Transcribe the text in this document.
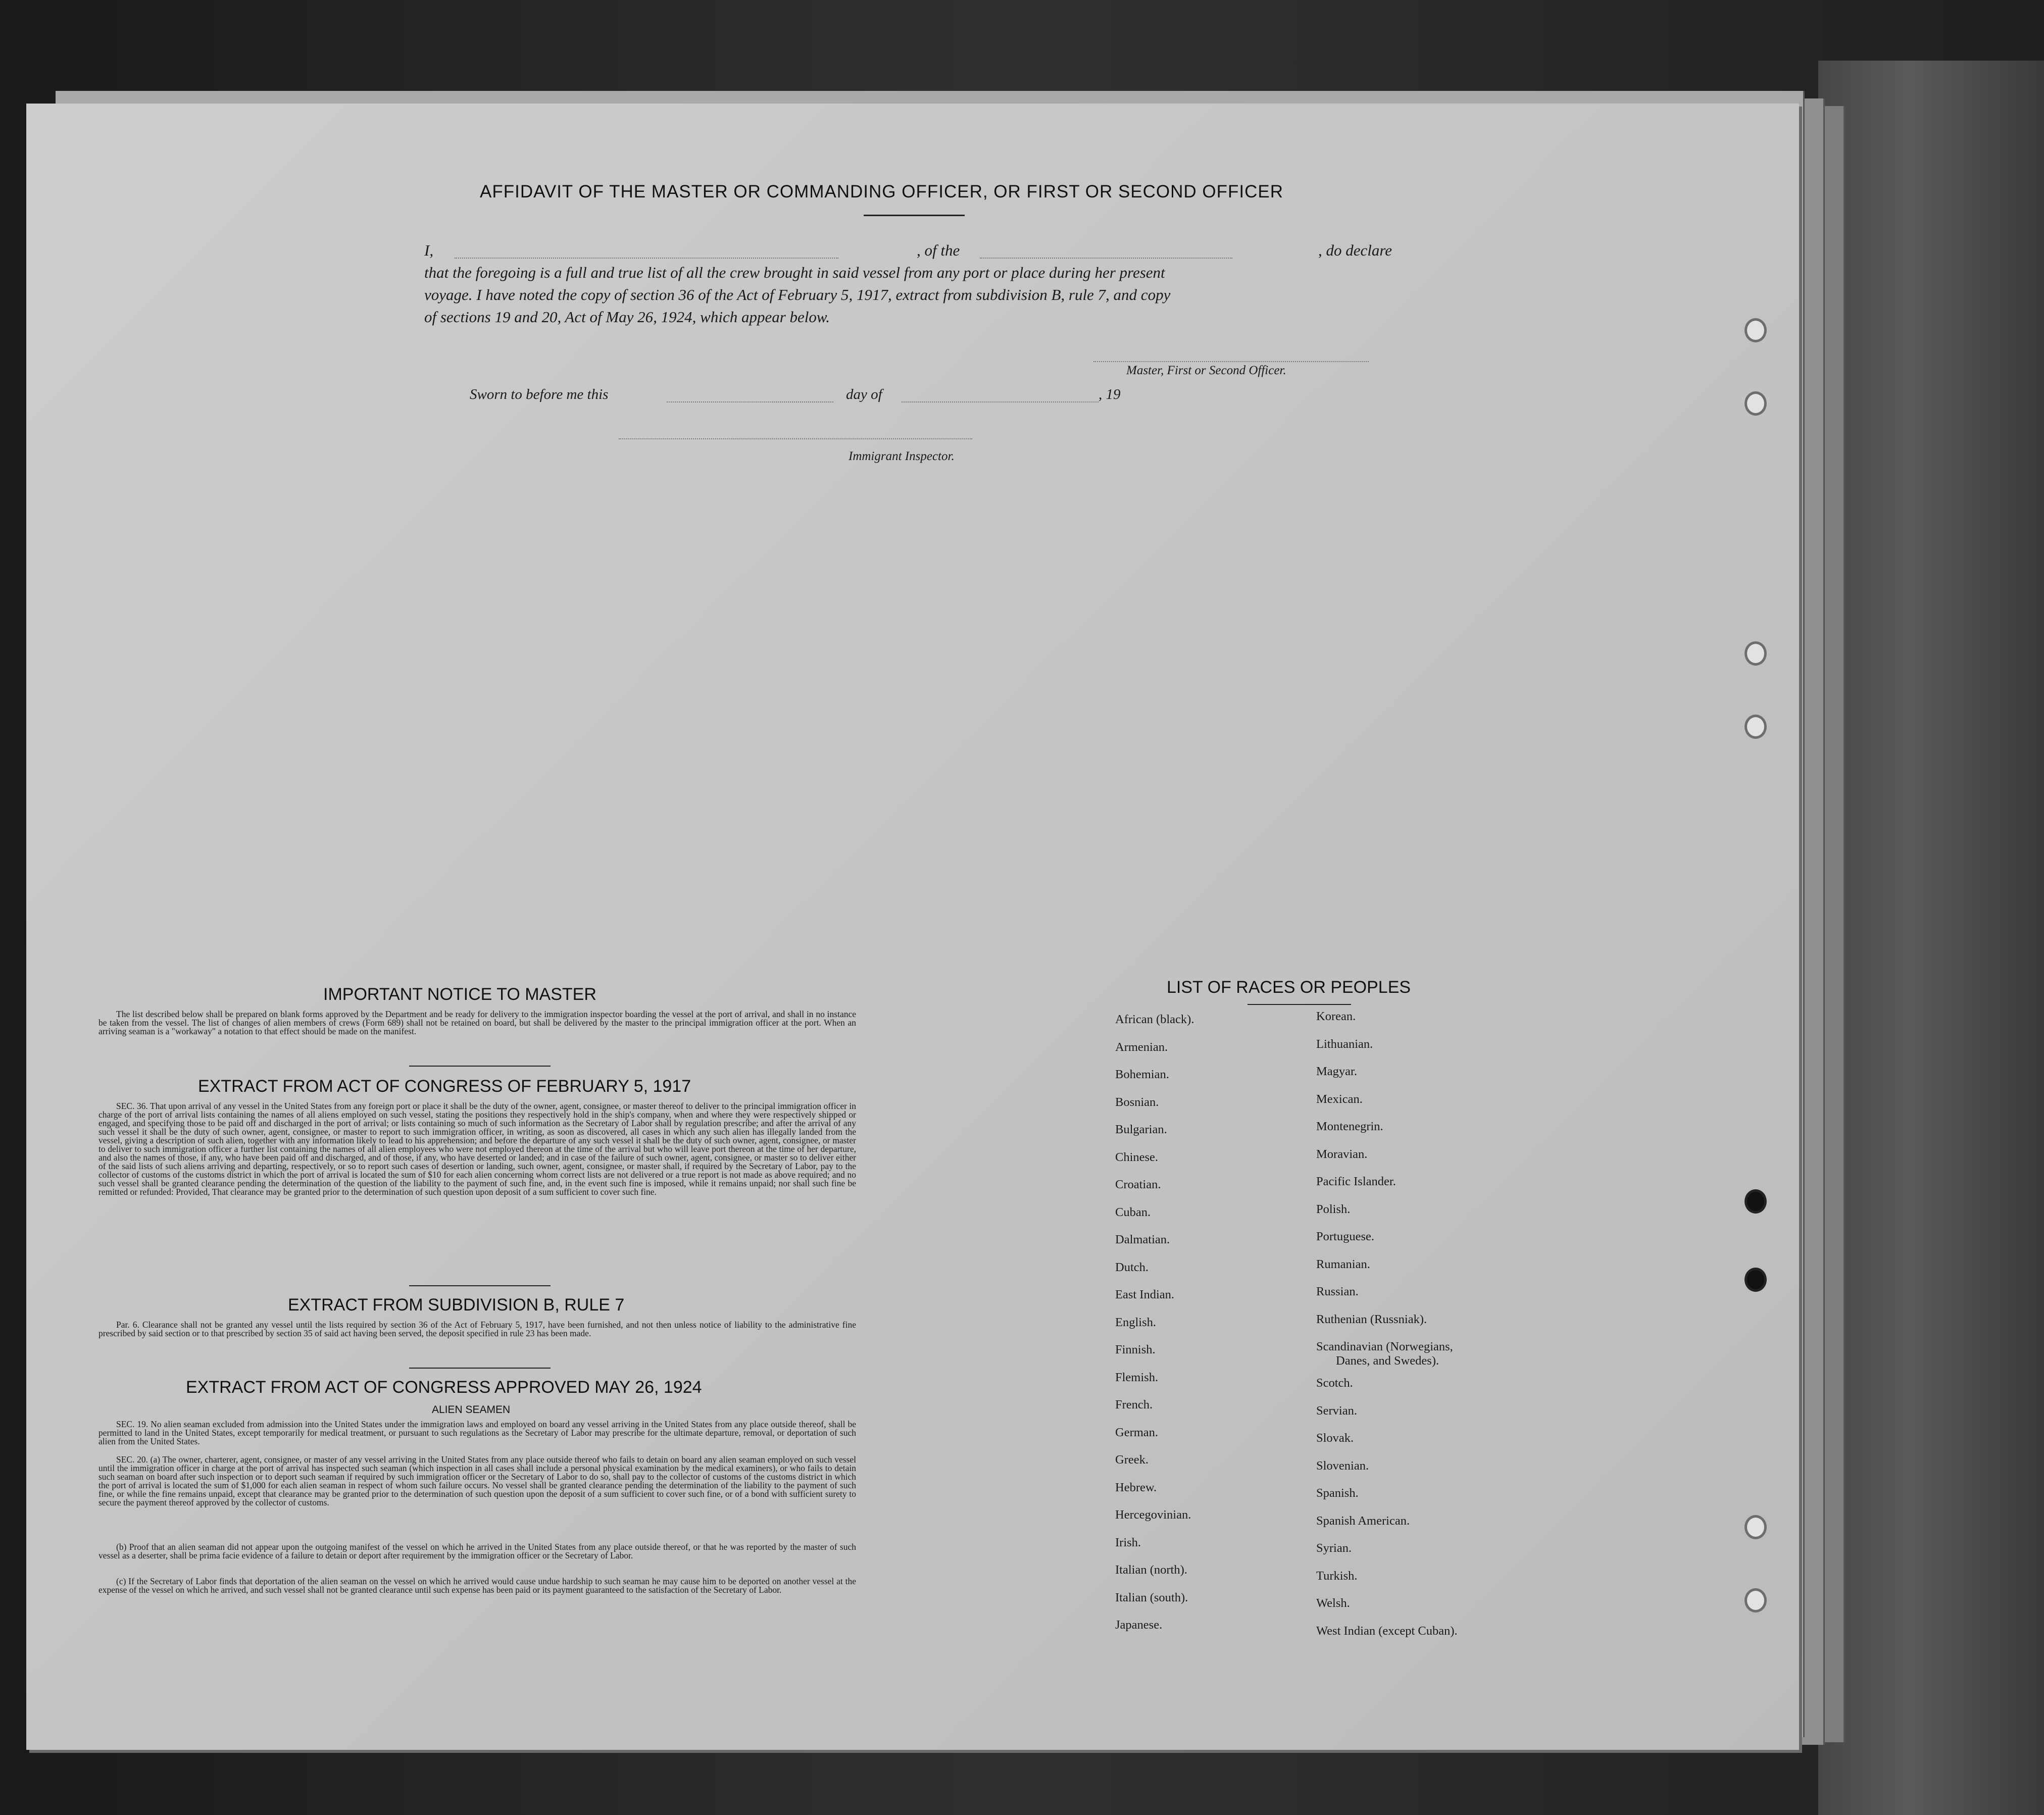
AFFIDAVIT OF THE MASTER OR COMMANDING OFFICER, OR FIRST OR SECOND OFFICER
I,	, of the	, do declare
that the foregoing is a full and true list of all the crew brought in said vessel from any port or place during her present
voyage. I have noted the copy of section 36 of the Act of February 5, 1917, extract from subdivision B, rule 7, and copy
of sections 19 and 20, Act of May 26, 1924, which appear below.
Master, First or Second Officer.
Sworn to before me this	day of	, 19
Immigrant Inspector.
IMPORTANT NOTICE TO MASTER
The list described below shall be prepared on blank forms approved by the Department and be ready for delivery to the immigration inspector boarding the vessel at the port of arrival, and shall in no instance be taken from the vessel. The list of changes of alien members of crews (Form 689) shall not be retained on board, but shall be delivered by the master to the principal immigration officer at the port. When an arriving seaman is a "workaway" a notation to that effect should be made on the manifest.
EXTRACT FROM ACT OF CONGRESS OF FEBRUARY 5, 1917
SEC. 36. That upon arrival of any vessel in the United States from any foreign port or place it shall be the duty of the owner, agent, consignee, or master thereof to deliver to the principal immigration officer in charge of the port of arrival lists containing the names of all aliens employed on such vessel, stating the positions they respectively hold in the ship's company, when and where they were respectively shipped or engaged, and specifying those to be paid off and discharged in the port of arrival; or lists containing so much of such information as the Secretary of Labor shall by regulation prescribe; and after the arrival of any such vessel it shall be the duty of such owner, agent, consignee, or master to report to such immigration officer, in writing, as soon as discovered, all cases in which any such alien has illegally landed from the vessel, giving a description of such alien, together with any information likely to lead to his apprehension; and before the departure of any such vessel it shall be the duty of such owner, agent, consignee, or master to deliver to such immigration officer a further list containing the names of all alien employees who were not employed thereon at the time of the arrival but who will leave port thereon at the time of her departure, and also the names of those, if any, who have been paid off and discharged, and of those, if any, who have deserted or landed; and in case of the failure of such owner, agent, consignee, or master so to deliver either of the said lists of such aliens arriving and departing, respectively, or so to report such cases of desertion or landing, such owner, agent, consignee, or master shall, if required by the Secretary of Labor, pay to the collector of customs of the customs district in which the port of arrival is located the sum of $10 for each alien concerning whom correct lists are not delivered or a true report is not made as above required; and no such vessel shall be granted clearance pending the determination of the question of the liability to the payment of such fine, and, in the event such fine is imposed, while it remains unpaid; nor shall such fine be remitted or refunded: Provided, That clearance may be granted prior to the determination of such question upon deposit of a sum sufficient to cover such fine.
EXTRACT FROM SUBDIVISION B, RULE 7
Par. 6. Clearance shall not be granted any vessel until the lists required by section 36 of the Act of February 5, 1917, have been furnished, and not then unless notice of liability to the administrative fine prescribed by said section or to that prescribed by section 35 of said act having been served, the deposit specified in rule 23 has been made.
EXTRACT FROM ACT OF CONGRESS APPROVED MAY 26, 1924
ALIEN SEAMEN
SEC. 19. No alien seaman excluded from admission into the United States under the immigration laws and employed on board any vessel arriving in the United States from any place outside thereof, shall be permitted to land in the United States, except temporarily for medical treatment, or pursuant to such regulations as the Secretary of Labor may prescribe for the ultimate departure, removal, or deportation of such alien from the United States.
SEC. 20. (a) The owner, charterer, agent, consignee, or master of any vessel arriving in the United States from any place outside thereof who fails to detain on board any alien seaman employed on such vessel until the immigration officer in charge at the port of arrival has inspected such seaman (which inspection in all cases shall include a personal physical examination by the medical examiners), or who fails to detain such seaman on board after such inspection or to deport such seaman if required by such immigration officer or the Secretary of Labor to do so, shall pay to the collector of customs of the customs district in which the port of arrival is located the sum of $1,000 for each alien seaman in respect of whom such failure occurs. No vessel shall be granted clearance pending the determination of the liability to the payment of such fine, or while the fine remains unpaid, except that clearance may be granted prior to the determination of such question upon the deposit of a sum sufficient to cover such fine, or of a bond with sufficient surety to secure the payment thereof approved by the collector of customs.
(b) Proof that an alien seaman did not appear upon the outgoing manifest of the vessel on which he arrived in the United States from any place outside thereof, or that he was reported by the master of such vessel as a deserter, shall be prima facie evidence of a failure to detain or deport after requirement by the immigration officer or the Secretary of Labor.
(c) If the Secretary of Labor finds that deportation of the alien seaman on the vessel on which he arrived would cause undue hardship to such seaman he may cause him to be deported on another vessel at the expense of the vessel on which he arrived, and such vessel shall not be granted clearance until such expense has been paid or its payment guaranteed to the satisfaction of the Secretary of Labor.
LIST OF RACES OR PEOPLES
African (black).
Armenian.
Bohemian.
Bosnian.
Bulgarian.
Chinese.
Croatian.
Cuban.
Dalmatian.
Dutch.
East Indian.
English.
Finnish.
Flemish.
French.
German.
Greek.
Hebrew.
Hercegovinian.
Irish.
Italian (north).
Italian (south).
Japanese.
Korean.
Lithuanian.
Magyar.
Mexican.
Montenegrin.
Moravian.
Pacific Islander.
Polish.
Portuguese.
Rumanian.
Russian.
Ruthenian (Russniak).
Scandinavian (Norwegians,
Danes, and Swedes).
Scotch.
Servian.
Slovak.
Slovenian.
Spanish.
Spanish American.
Syrian.
Turkish.
Welsh.
West Indian (except Cuban).
